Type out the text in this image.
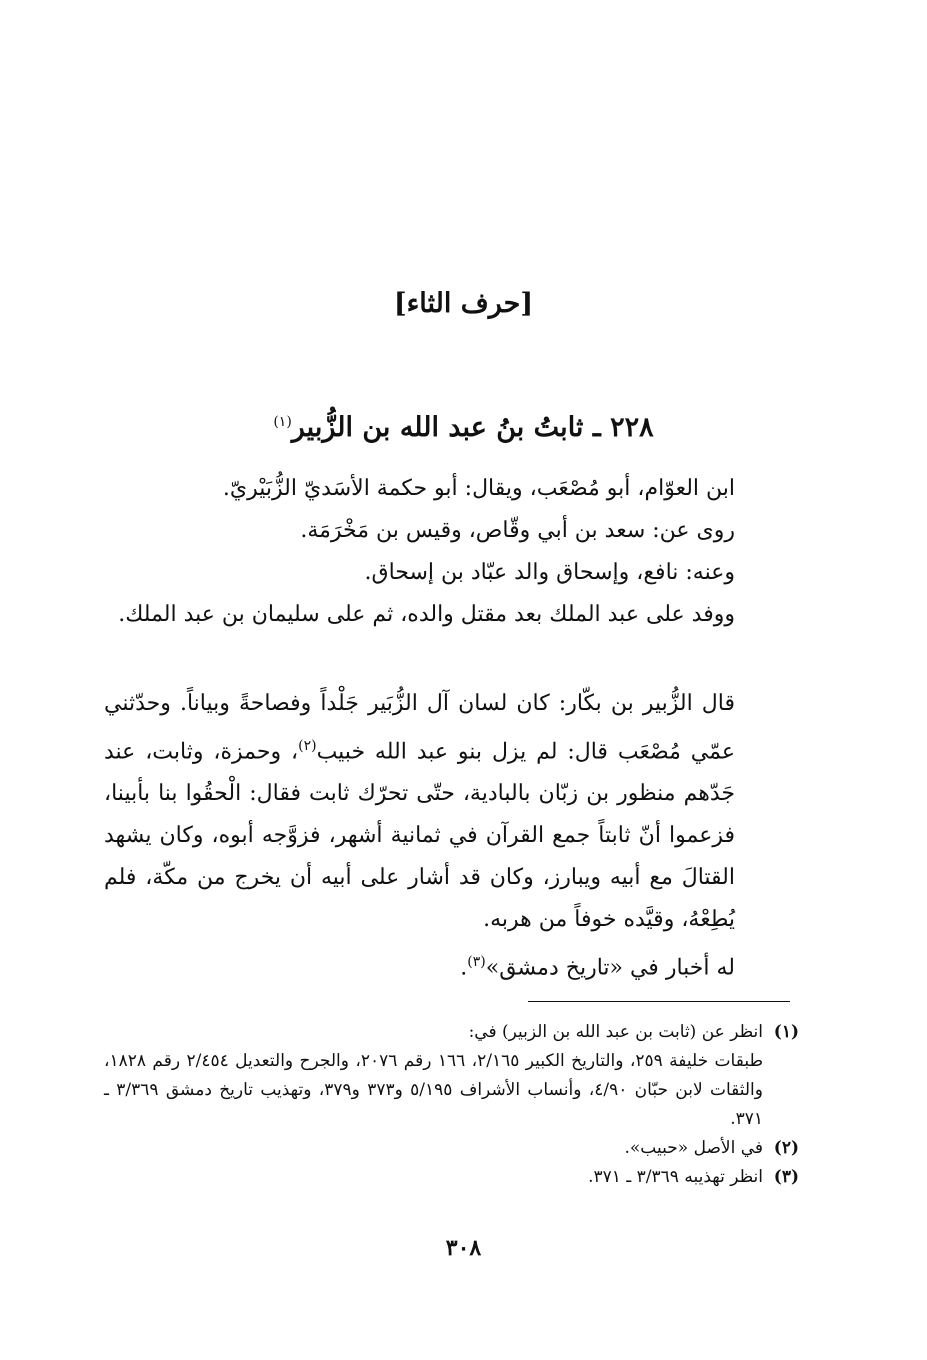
[حرف الثاء]
٢٢٨ ـ ثابتُ بنُ عبد الله بن الزُّبير$^{(١)}$
ابن العوّام، أبو مُصْعَب، ويقال: أبو حكمة الأسَديّ الزُّبَيْريّ.
روى عن: سعد بن أبي وقّاص، وقيس بن مَخْرَمَة.
وعنه: نافع، وإسحاق والد عبّاد بن إسحاق.
ووفد على عبد الملك بعد مقتل والده، ثم على سليمان بن عبد الملك.
قال الزُّبير بن بكّار: كان لسان آل الزُّبَير جَلْداً وفصاحةً وبياناً. وحدّثني عمّي مُصْعَب قال: لم يزل بنو عبد الله خبيب$^{(٢)}$، وحمزة، وثابت، عند جَدّهم منظور بن زبّان بالبادية، حتّى تحرّك ثابت فقال: الْحقُوا بنا بأبينا، فزعموا أنّ ثابتاً جمع القرآن في ثمانية أشهر، فزوَّجه أبوه، وكان يشهد القتالَ مع أبيه ويبارز، وكان قد أشار على أبيه أن يخرج من مكّة، فلم يُطِعْهُ، وقيَّده خوفاً من هربه.
له أخبار في «تاريخ دمشق»$^{(٣)}$.
(١)
انظر عن (ثابت بن عبد الله بن الزبير) في:
طبقات خليفة ٢٥٩، والتاريخ الكبير ٢/١٦٥، ١٦٦ رقم ٢٠٧٦، والجرح والتعديل ٢/٤٥٤ رقم ١٨٢٨، والثقات لابن حبّان ٤/٩٠، وأنساب الأشراف ٥/١٩٥ و٣٧٣ و٣٧٩، وتهذيب تاريخ دمشق ٣/٣٦٩ ـ ٣٧١.
(٢)
في الأصل «حبيب».
(٣)
انظر تهذيبه ٣/٣٦٩ ـ ٣٧١.
٣٠٨
